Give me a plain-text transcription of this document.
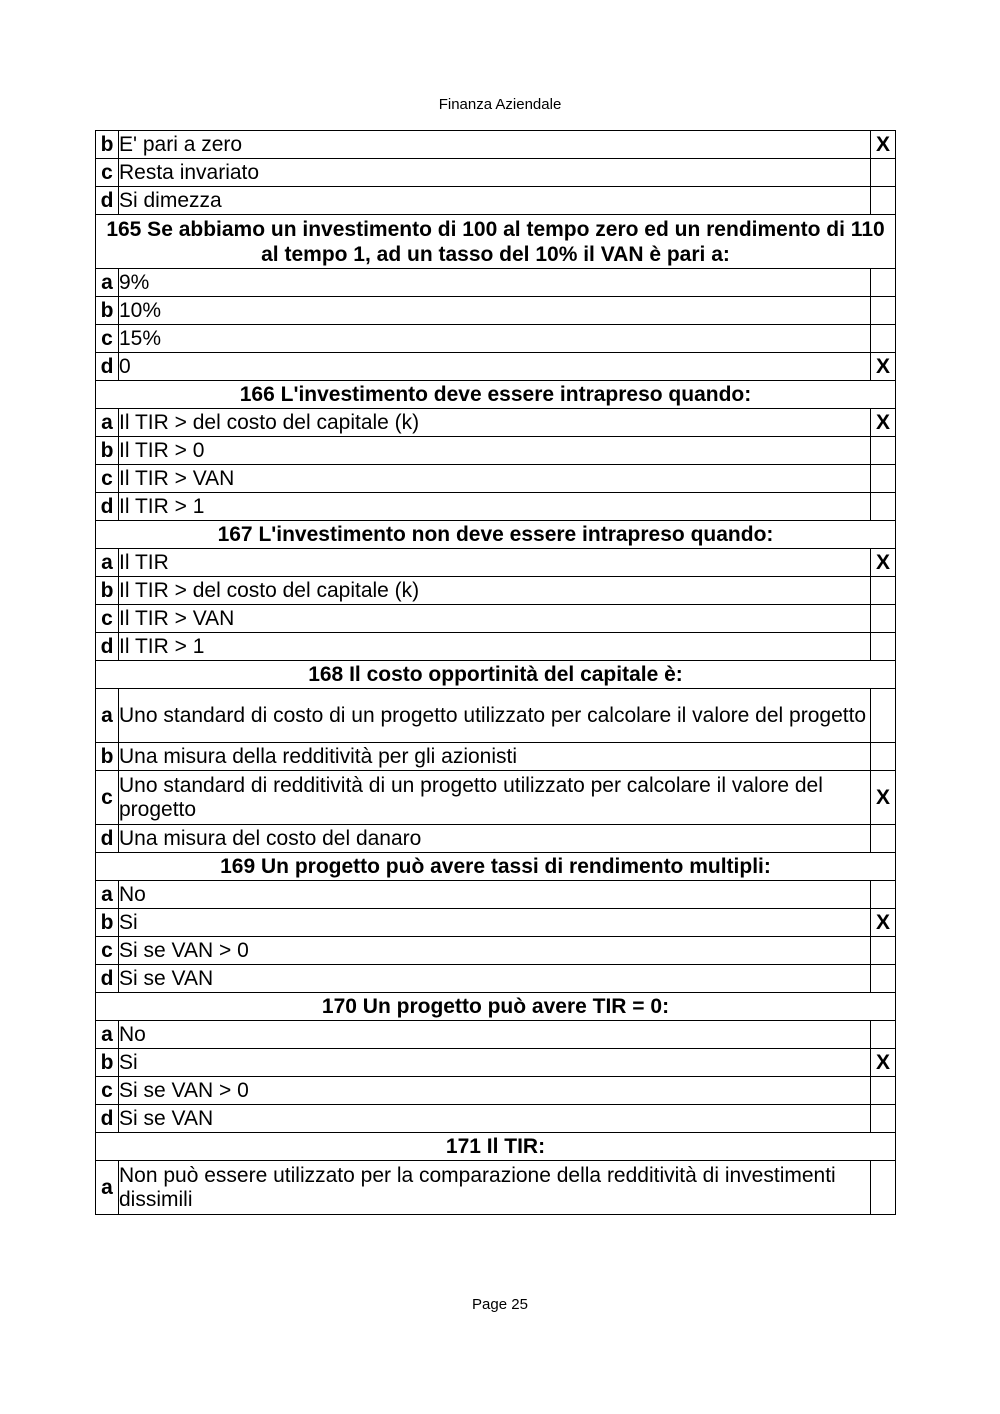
Finanza Aziendale
b	E' pari a zero	X
c	Resta invariato	
d	Si dimezza	
165 Se abbiamo un investimento di 100 al tempo zero ed un rendimento di 110 al tempo 1, ad un tasso del 10% il VAN è pari a:		
a	9%	
b	10%	
c	15%	
d	0	X
166 L'investimento deve essere intrapreso quando:		
a	Il TIR > del costo del capitale (k)	X
b	Il TIR > 0	
c	Il TIR > VAN	
d	Il TIR > 1	
167 L'investimento non deve essere intrapreso quando:		
a	Il TIR	X
b	Il TIR > del costo del capitale (k)	
c	Il TIR > VAN	
d	Il TIR > 1	
168 Il costo opportinità del capitale è:		
a	Uno standard di costo di un progetto utilizzato per calcolare il valore del progetto	
b	Una misura della redditività per gli azionisti	
c	Uno standard di redditività di un progetto utilizzato per calcolare il valore del progetto	X
d	Una misura del costo del danaro	
169 Un progetto può avere tassi di rendimento multipli:		
a	No	
b	Si	X
c	Si se VAN > 0	
d	Si se VAN	
170 Un progetto può avere TIR = 0:		
a	No	
b	Si	X
c	Si se VAN > 0	
d	Si se VAN	
171 Il TIR:		
a	Non può essere utilizzato per la comparazione della redditività di investimenti dissimili	
Page 25
